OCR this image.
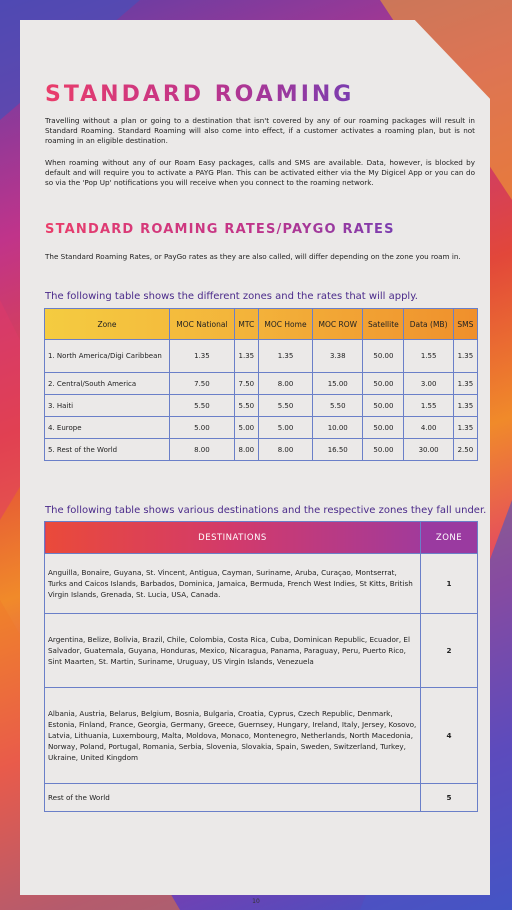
STANDARD ROAMING

Travelling without a plan or going to a destination that isn't covered by any of our roaming packages will result in Standard Roaming. Standard Roaming will also come into effect, if a customer activates a roaming plan, but is not roaming in an eligible destination.

When roaming without any of our Roam Easy packages, calls and SMS are available. Data, however, is blocked by default and will require you to activate a PAYG Plan. This can be activated either via the My Digicel App or you can do so via the 'Pop Up' notifications you will receive when you connect to the roaming network.

STANDARD ROAMING RATES/PAYGO RATES

The Standard Roaming Rates, or PayGo rates as they are also called, will differ depending on the zone you roam in.

The following table shows the different zones and the rates that will apply.

Zone	MOC National	MTC	MOC Home	MOC ROW	Satellite	Data (MB)	SMS
1. North America/Digi Caribbean	1.35	1.35	1.35	3.38	50.00	1.55	1.35
2. Central/South America	7.50	7.50	8.00	15.00	50.00	3.00	1.35
3. Haiti	5.50	5.50	5.50	5.50	50.00	1.55	1.35
4. Europe	5.00	5.00	5.00	10.00	50.00	4.00	1.35
5. Rest of the World	8.00	8.00	8.00	16.50	50.00	30.00	2.50

The following table shows various destinations and the respective zones they fall under.

DESTINATIONS	ZONE
Anguilla, Bonaire, Guyana, St. Vincent, Antigua, Cayman, Suriname, Aruba, Curaçao, Montserrat, Turks and Caicos Islands, Barbados, Dominica, Jamaica, Bermuda, French West Indies, St Kitts, British Virgin Islands, Grenada, St. Lucia, USA, Canada.	1
Argentina, Belize, Bolivia, Brazil, Chile, Colombia, Costa Rica, Cuba, Dominican Republic, Ecuador, El Salvador, Guatemala, Guyana, Honduras, Mexico, Nicaragua, Panama, Paraguay, Peru, Puerto Rico, Sint Maarten, St. Martin, Suriname, Uruguay, US Virgin Islands, Venezuela	2
Albania, Austria, Belarus, Belgium, Bosnia, Bulgaria, Croatia, Cyprus, Czech Republic, Denmark, Estonia, Finland, France, Georgia, Germany, Greece, Guernsey, Hungary, Ireland, Italy, Jersey, Kosovo, Latvia, Lithuania, Luxembourg, Malta, Moldova, Monaco, Montenegro, Netherlands, North Macedonia, Norway, Poland, Portugal, Romania, Serbia, Slovenia, Slovakia, Spain, Sweden, Switzerland, Turkey, Ukraine, United Kingdom	4
Rest of the World	5

10
